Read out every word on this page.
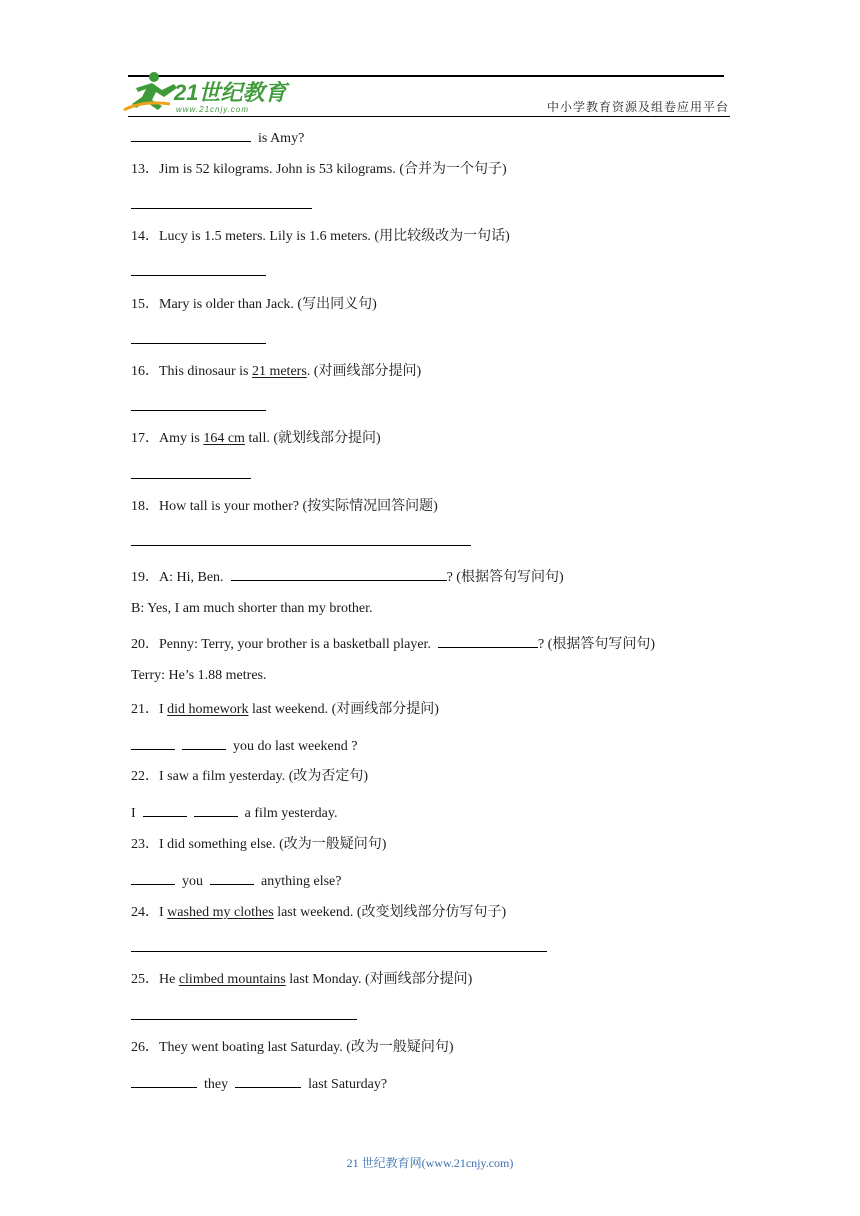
21世纪教育
www.21cnjy.com	中小学教育资源及组卷应用平台
is Amy?
13．Jim is 52 kilograms. John is 53 kilograms. (合并为一个句子)
14．Lucy is 1.5 meters. Lily is 1.6 meters. (用比较级改为一句话)
15．Mary is older than Jack. (写出同义句)
16．This dinosaur is 21 meters. (对画线部分提问)
17．Amy is 164 cm tall. (就划线部分提问)
18．How tall is your mother? (按实际情况回答问题)
19．A: Hi, Ben.	? (根据答句写问句)
B: Yes, I am much shorter than my brother.
20．Penny: Terry, your brother is a basketball player.	? (根据答句写问句)
Terry: He’s 1.88 metres.
21．I did homework last weekend. (对画线部分提问)
you do last weekend ?
22．I saw a film yesterday. (改为否定句)
I	a film yesterday.
23．I did something else. (改为一般疑问句)
you	anything else?
24．I washed my clothes last weekend. (改变划线部分仿写句子)
25．He climbed mountains last Monday. (对画线部分提问)
26．They went boating last Saturday. (改为一般疑问句)
they	last Saturday?
21 世纪教育网(www.21cnjy.com)
